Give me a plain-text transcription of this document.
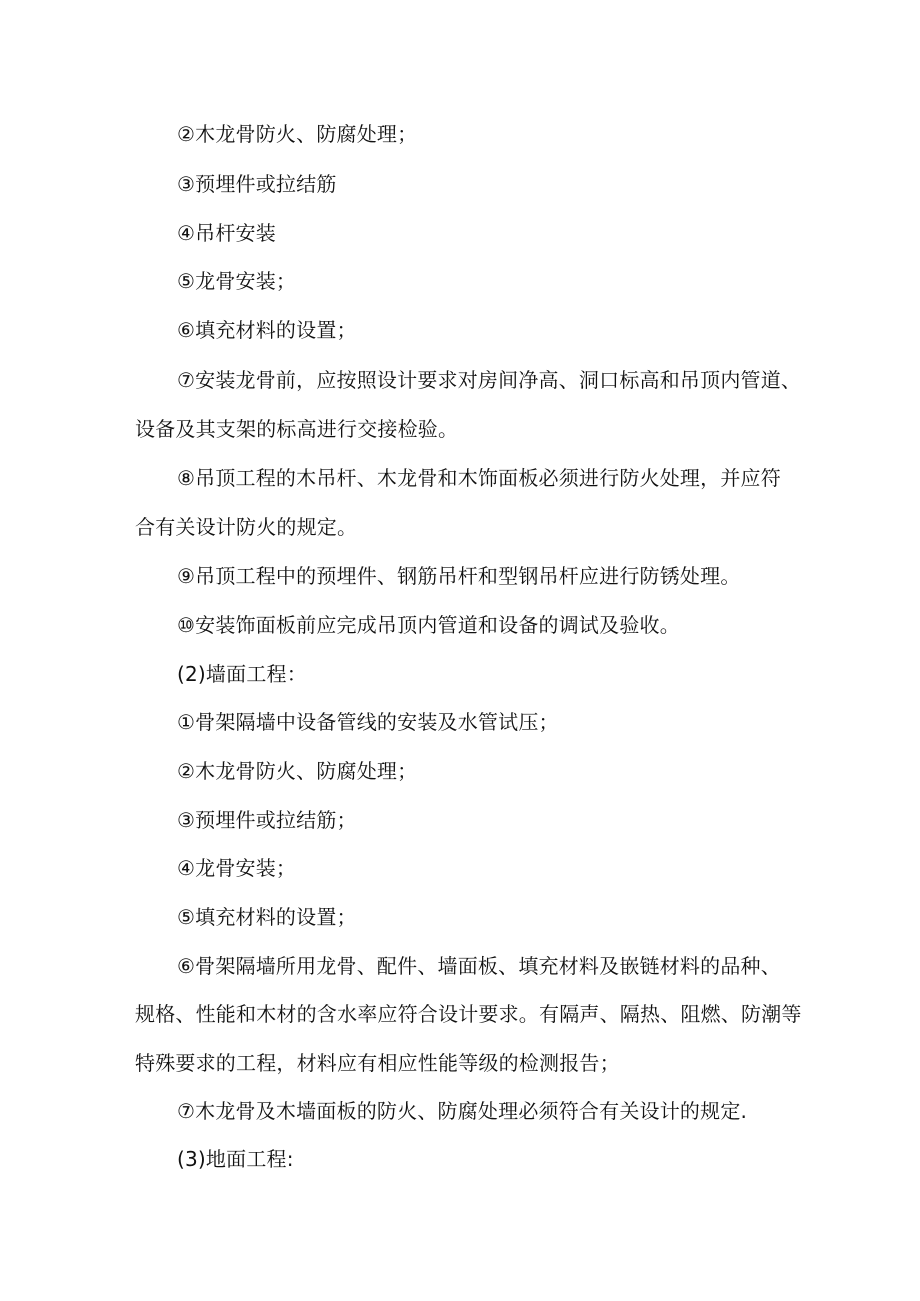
②木龙骨防火、防腐处理；
③预埋件或拉结筋
④吊杆安装
⑤龙骨安装；
⑥填充材料的设置；
⑦安装龙骨前，应按照设计要求对房间净高、洞口标高和吊顶内管道、
设备及其支架的标高进行交接检验。
⑧吊顶工程的木吊杆、木龙骨和木饰面板必须进行防火处理，并应符
合有关设计防火的规定。
⑨吊顶工程中的预埋件、钢筋吊杆和型钢吊杆应进行防锈处理。
⑩安装饰面板前应完成吊顶内管道和设备的调试及验收。
(2)墙面工程：
①骨架隔墙中设备管线的安装及水管试压；
②木龙骨防火、防腐处理；
③预埋件或拉结筋；
④龙骨安装；
⑤填充材料的设置；
⑥骨架隔墙所用龙骨、配件、墙面板、填充材料及嵌链材料的品种、
规格、性能和木材的含水率应符合设计要求。有隔声、隔热、阻燃、防潮等
特殊要求的工程，材料应有相应性能等级的检测报告；
⑦木龙骨及木墙面板的防火、防腐处理必须符合有关设计的规定.
(3)地面工程:
